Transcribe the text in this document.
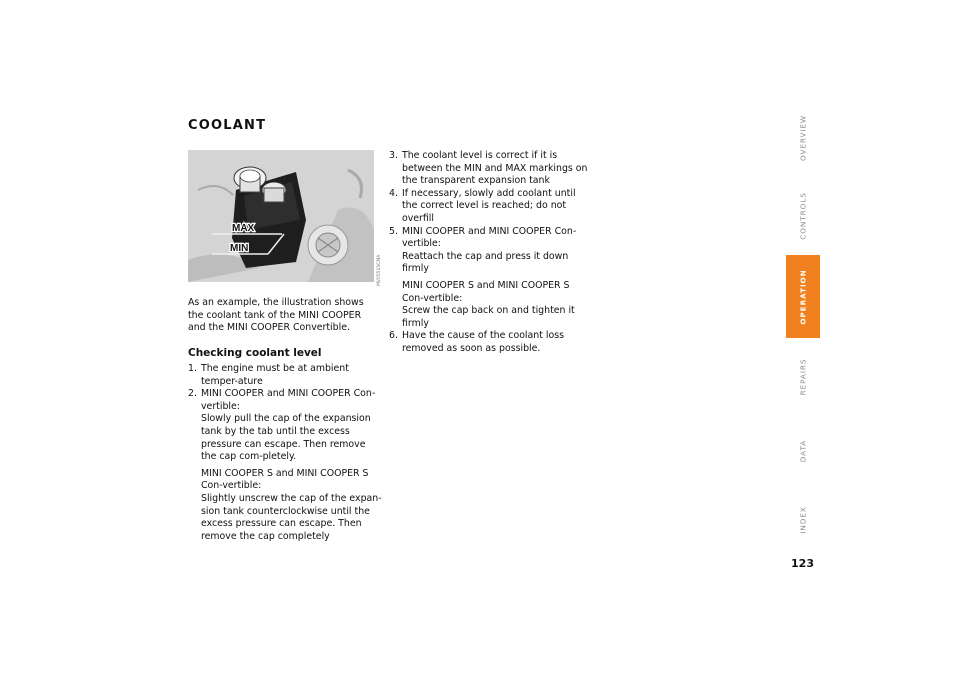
COOLANT
MAX
MIN
MV05515CMA

As an example, the illustration shows the coolant tank of the MINI COOPER and the MINI COOPER Convertible.

Checking coolant level
1. The engine must be at ambient temper-ature
2. MINI COOPER and MINI COOPER Con-vertible:
Slowly pull the cap of the expansion tank by the tab until the excess pressure can escape. Then remove the cap com-pletely.
MINI COOPER S and MINI COOPER S Con-vertible:
Slightly unscrew the cap of the expan-sion tank counterclockwise until the excess pressure can escape. Then remove the cap completely
3. The coolant level is correct if it is between the MIN and MAX markings on the transparent expansion tank
4. If necessary, slowly add coolant until the correct level is reached; do not overfill
5. MINI COOPER and MINI COOPER Con-vertible:
Reattach the cap and press it down firmly
MINI COOPER S and MINI COOPER S Con-vertible:
Screw the cap back on and tighten it firmly
6. Have the cause of the coolant loss removed as soon as possible.
OVERVIEW
CONTROLS
OPERATION
REPAIRS
DATA
INDEX
123
